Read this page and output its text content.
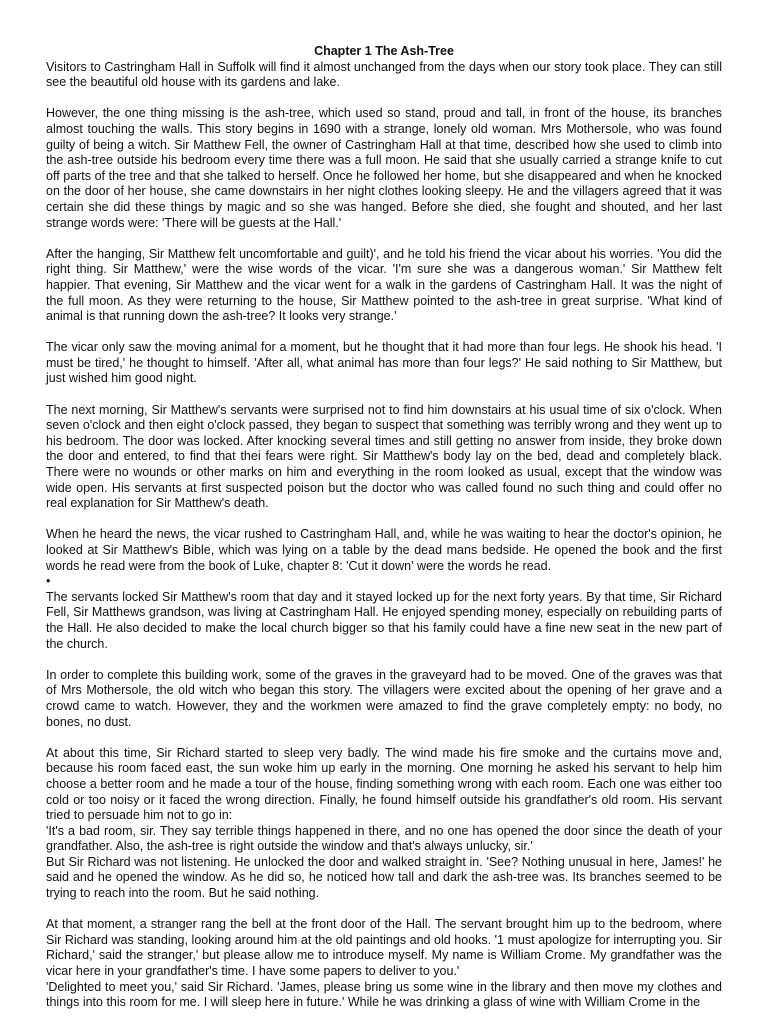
Chapter 1 The Ash-Tree

Visitors to Castringham Hall in Suffolk will find it almost unchanged from the days when our story took place. They can still see the beautiful old house with its gardens and lake.

However, the one thing missing is the ash-tree, which used so stand, proud and tall, in front of the house, its branches almost touching the walls. This story begins in 1690 with a strange, lonely old woman. Mrs Mothersole, who was found guilty of being a witch. Sir Matthew Fell, the owner of Castringham Hall at that time, described how she used to climb into the ash-tree outside his bedroom every time there was a full moon. He said that she usually carried a strange knife to cut off parts of the tree and that she talked to herself. Once he followed her home, but she disappeared and when he knocked on the door of her house, she came downstairs in her night clothes looking sleepy. He and the villagers agreed that it was certain she did these things by magic and so she was hanged. Before she died, she fought and shouted, and her last strange words were: 'There will be guests at the Hall.'

After the hanging, Sir Matthew felt uncomfortable and guilt)', and he told his friend the vicar about his worries. 'You did the right thing. Sir Matthew,' were the wise words of the vicar. 'I'm sure she was a dangerous woman.' Sir Matthew felt happier. That evening, Sir Matthew and the vicar went for a walk in the gardens of Castringham Hall. It was the night of the full moon. As they were returning to the house, Sir Matthew pointed to the ash-tree in great surprise. 'What kind of animal is that running down the ash-tree? It looks very strange.'

The vicar only saw the moving animal for a moment, but he thought that it had more than four legs. He shook his head. 'I must be tired,' he thought to himself. 'After all, what animal has more than four legs?' He said nothing to Sir Matthew, but just wished him good night.

The next morning, Sir Matthew's servants were surprised not to find him downstairs at his usual time of six o'clock. When seven o'clock and then eight o'clock passed, they began to suspect that something was terribly wrong and they went up to his bedroom. The door was locked. After knocking several times and still getting no answer from inside, they broke down the door and entered, to find that thei fears were right. Sir Matthew's body lay on the bed, dead and completely black. There were no wounds or other marks on him and everything in the room looked as usual, except that the window was wide open. His servants at first suspected poison but the doctor who was called found no such thing and could offer no real explanation for Sir Matthew's death.

When he heard the news, the vicar rushed to Castringham Hall, and, while he was waiting to hear the doctor's opinion, he looked at Sir Matthew's Bible, which was lying on a table by the dead mans bedside. He opened the book and the first words he read were from the book of Luke, chapter 8: 'Cut it down' were the words he read.

•

The servants locked Sir Matthew's room that day and it stayed locked up for the next forty years. By that time, Sir Richard Fell, Sir Matthews grandson, was living at Castringham Hall. He enjoyed spending money, especially on rebuilding parts of the Hall. He also decided to make the local church bigger so that his family could have a fine new seat in the new part of the church.

In order to complete this building work, some of the graves in the graveyard had to be moved. One of the graves was that of Mrs Mothersole, the old witch who began this story. The villagers were excited about the opening of her grave and a crowd came to watch. However, they and the workmen were amazed to find the grave completely empty: no body, no bones, no dust.

At about this time, Sir Richard started to sleep very badly. The wind made his fire smoke and the curtains move and, because his room faced east, the sun woke him up early in the morning. One morning he asked his servant to help him choose a better room and he made a tour of the house, finding something wrong with each room. Each one was either too cold or too noisy or it faced the wrong direction. Finally, he found himself outside his grandfather's old room. His servant tried to persuade him not to go in:

'It's a bad room, sir. They say terrible things happened in there, and no one has opened the door since the death of your grandfather. Also, the ash-tree is right outside the window and that's always unlucky, sir.'

But Sir Richard was not listening. He unlocked the door and walked straight in. 'See? Nothing unusual in here, James!' he said and he opened the window. As he did so, he noticed how tall and dark the ash-tree was. Its branches seemed to be trying to reach into the room. But he said nothing.

At that moment, a stranger rang the bell at the front door of the Hall. The servant brought him up to the bedroom, where Sir Richard was standing, looking around him at the old paintings and old hooks. '1 must apologize for interrupting you. Sir Richard,' said the stranger,' but please allow me to introduce myself. My name is William Crome. My grandfather was the vicar here in your grandfather's time. I have some papers to deliver to you.'

'Delighted to meet you,' said Sir Richard. 'James, please bring us some wine in the library and then move my clothes and things into this room for me. I will sleep here in future.' While he was drinking a glass of wine with William Crome in the
